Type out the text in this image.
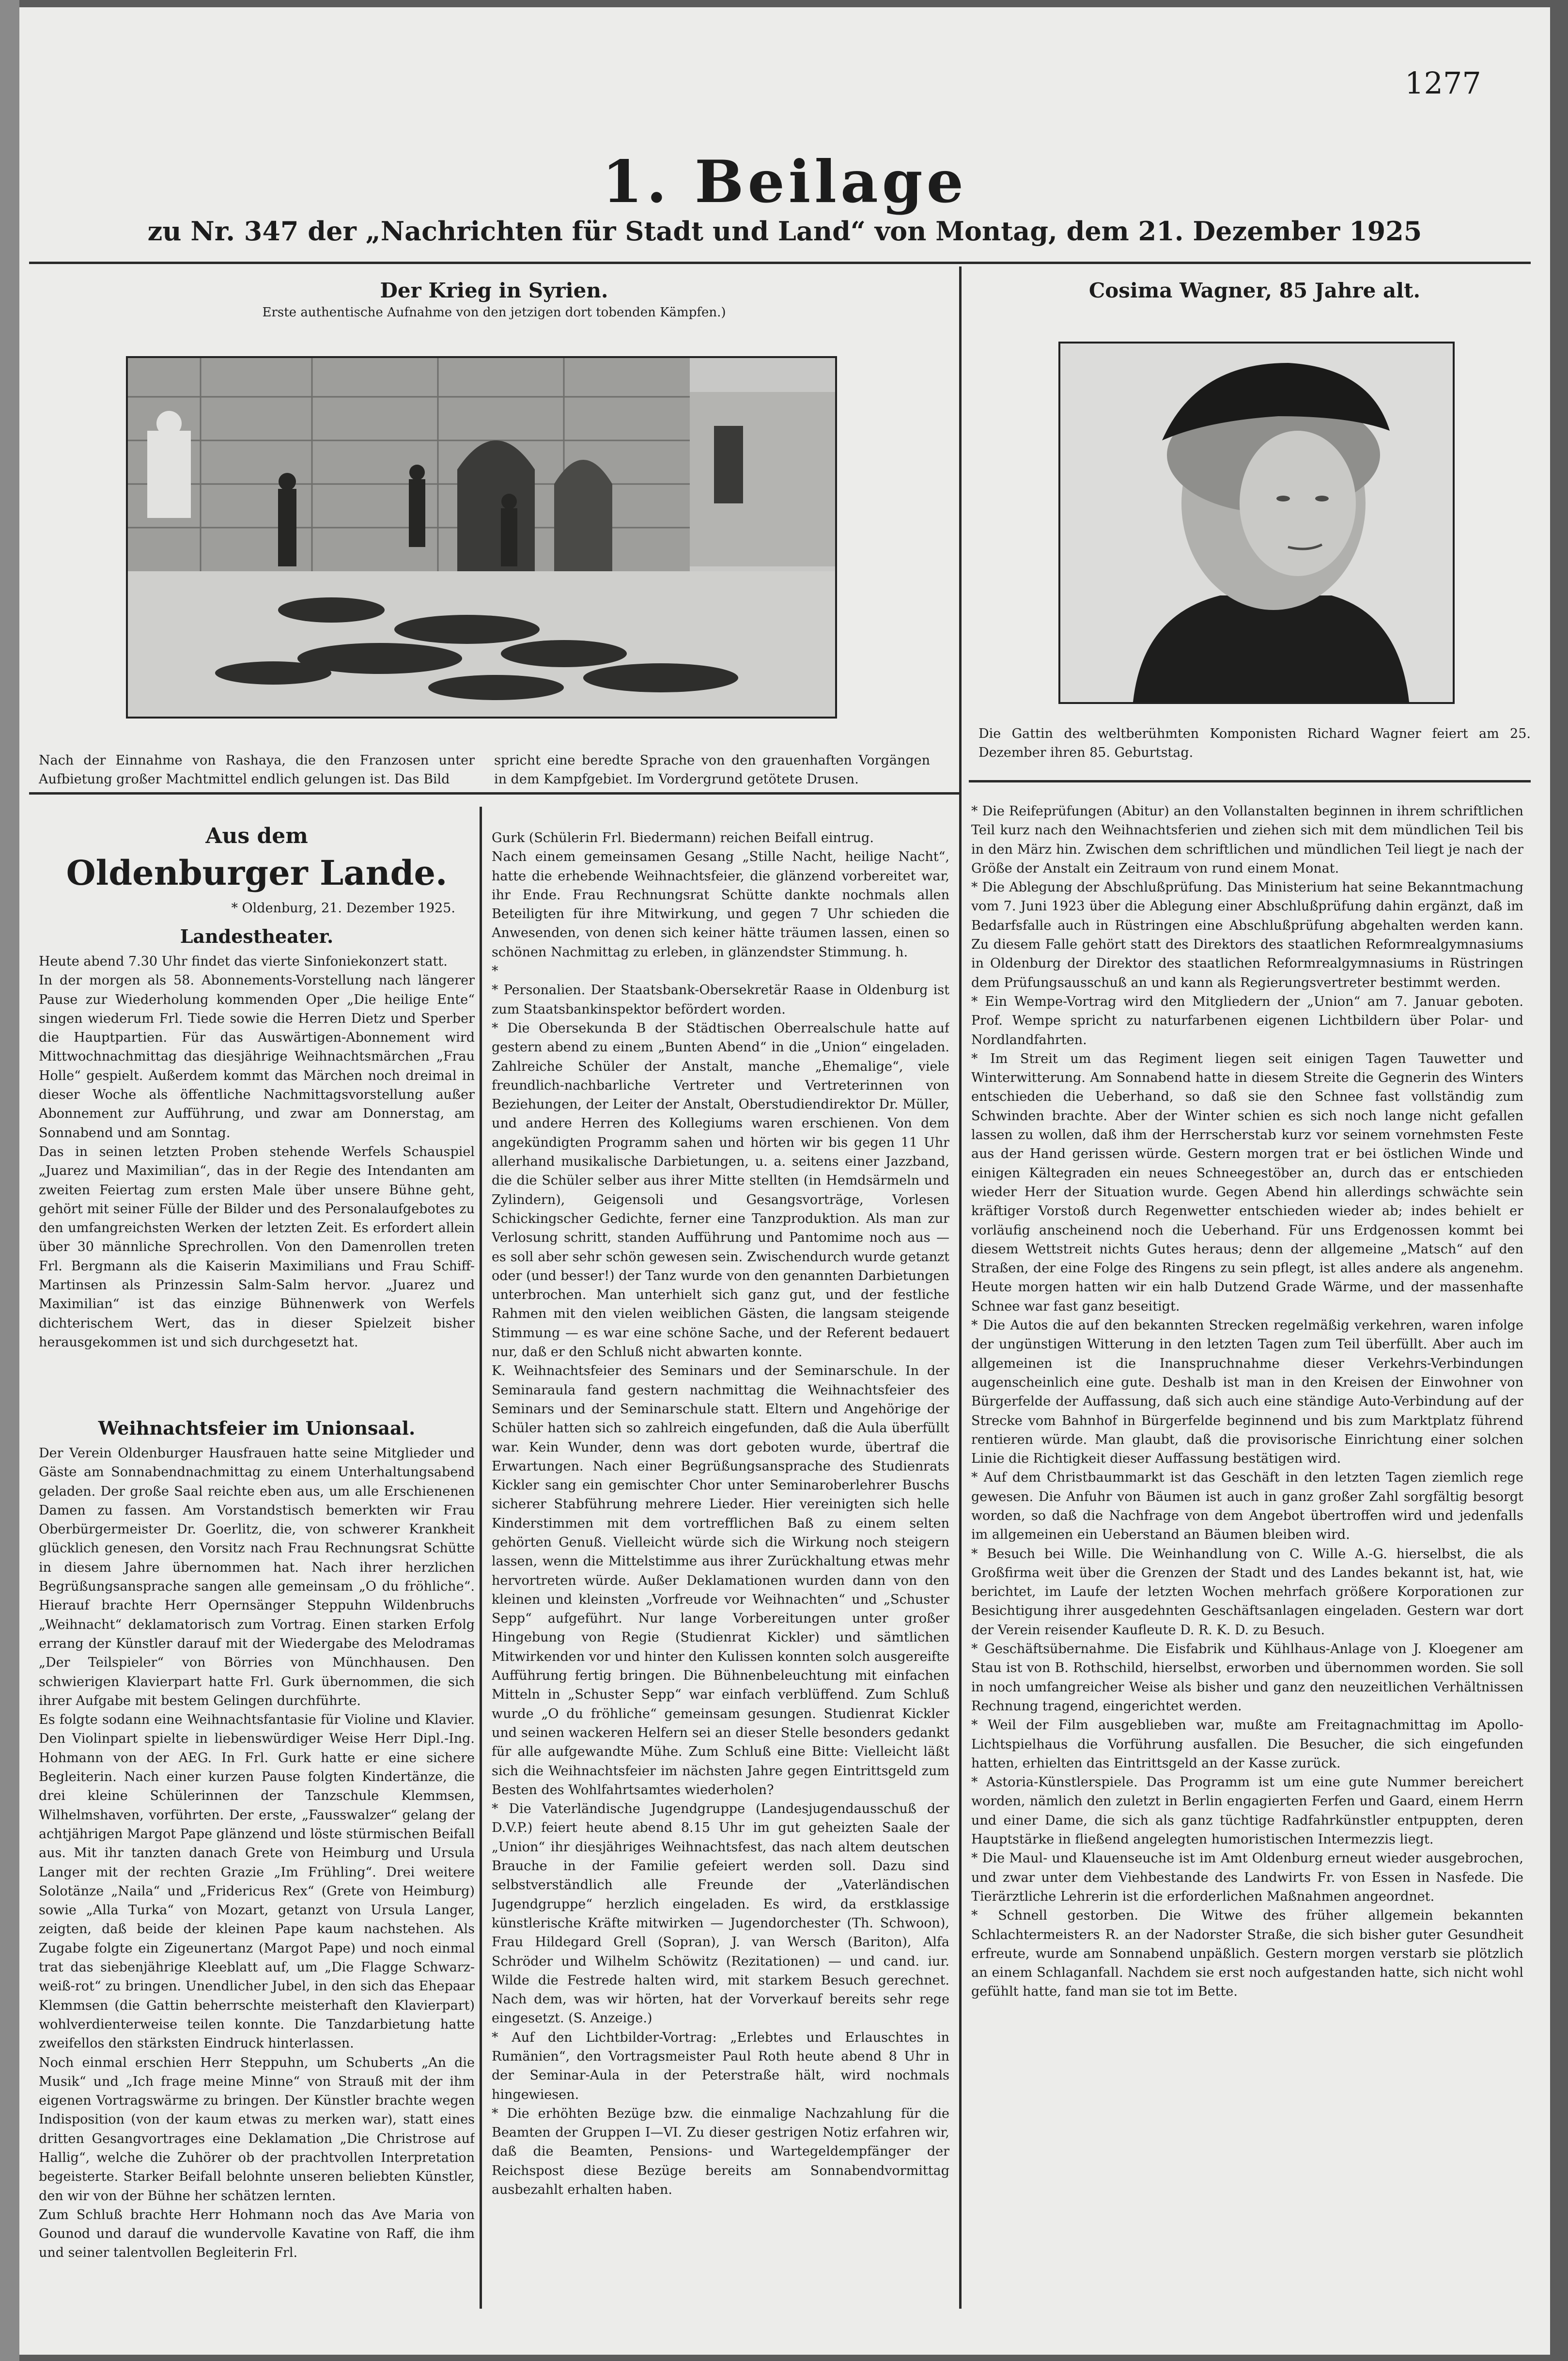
1277
1. Beilage
zu Nr. 347 der „Nachrichten für Stadt und Land“ von Montag, dem 21. Dezember 1925
Der Krieg in Syrien.
Erste authentische Aufnahme von den jetzigen dort tobenden Kämpfen.)
Nach der Einnahme von Rashaya, die den Franzosen unter Aufbietung großer Machtmittel endlich gelungen ist. Das Bild
spricht eine beredte Sprache von den grauenhaften Vorgängen in dem Kampfgebiet. Im Vordergrund getötete Drusen.
Cosima Wagner, 85 Jahre alt.
Die Gattin des weltberühmten Komponisten Richard Wagner feiert am 25. Dezember ihren 85. Geburtstag.
Aus dem
Oldenburger Lande.
* Oldenburg, 21. Dezember 1925.
Landestheater.
Heute abend 7.30 Uhr findet das vierte Sinfoniekonzert statt.
In der morgen als 58. Abonnements-Vorstellung nach längerer Pause zur Wiederholung kommenden Oper „Die heilige Ente“ singen wiederum Frl. Tiede sowie die Herren Dietz und Sperber die Hauptpartien. Für das Auswärtigen-Abonnement wird Mittwochnachmittag das diesjährige Weihnachtsmärchen „Frau Holle“ gespielt. Außerdem kommt das Märchen noch dreimal in dieser Woche als öffentliche Nachmittagsvorstellung außer Abonnement zur Aufführung, und zwar am Donnerstag, am Sonnabend und am Sonntag.
Das in seinen letzten Proben stehende Werfels Schauspiel „Juarez und Maximilian“, das in der Regie des Intendanten am zweiten Feiertag zum ersten Male über unsere Bühne geht, gehört mit seiner Fülle der Bilder und des Personalaufgebotes zu den umfangreichsten Werken der letzten Zeit. Es erfordert allein über 30 männliche Sprechrollen. Von den Damenrollen treten Frl. Bergmann als die Kaiserin Maximilians und Frau Schiff-Martinsen als Prinzessin Salm-Salm hervor. „Juarez und Maximilian“ ist das einzige Bühnenwerk von Werfels dichterischem Wert, das in dieser Spielzeit bisher herausgekommen ist und sich durchgesetzt hat.
Weihnachtsfeier im Unionsaal.
Der Verein Oldenburger Hausfrauen hatte seine Mitglieder und Gäste am Sonnabendnachmittag zu einem Unterhaltungsabend geladen. Der große Saal reichte eben aus, um alle Erschienenen Damen zu fassen. Am Vorstandstisch bemerkten wir Frau Oberbürgermeister Dr. Goerlitz, die, von schwerer Krankheit glücklich genesen, den Vorsitz nach Frau Rechnungsrat Schütte in diesem Jahre übernommen hat. Nach ihrer herzlichen Begrüßungsansprache sangen alle gemeinsam „O du fröhliche“. Hierauf brachte Herr Opernsänger Steppuhn Wildenbruchs „Weihnacht“ deklamatorisch zum Vortrag. Einen starken Erfolg errang der Künstler darauf mit der Wiedergabe des Melodramas „Der Teilspieler“ von Börries von Münchhausen. Den schwierigen Klavierpart hatte Frl. Gurk übernommen, die sich ihrer Aufgabe mit bestem Gelingen durchführte.
Es folgte sodann eine Weihnachtsfantasie für Violine und Klavier. Den Violinpart spielte in liebenswürdiger Weise Herr Dipl.-Ing. Hohmann von der AEG. In Frl. Gurk hatte er eine sichere Begleiterin. Nach einer kurzen Pause folgten Kindertänze, die drei kleine Schülerinnen der Tanzschule Klemmsen, Wilhelmshaven, vorführten. Der erste, „Fausswalzer“ gelang der achtjährigen Margot Pape glänzend und löste stürmischen Beifall aus. Mit ihr tanzten danach Grete von Heimburg und Ursula Langer mit der rechten Grazie „Im Frühling“. Drei weitere Solotänze „Naila“ und „Fridericus Rex“ (Grete von Heimburg) sowie „Alla Turka“ von Mozart, getanzt von Ursula Langer, zeigten, daß beide der kleinen Pape kaum nachstehen. Als Zugabe folgte ein Zigeunertanz (Margot Pape) und noch einmal trat das siebenjährige Kleeblatt auf, um „Die Flagge Schwarz-weiß-rot“ zu bringen. Unendlicher Jubel, in den sich das Ehepaar Klemmsen (die Gattin beherrschte meisterhaft den Klavierpart) wohlverdienterweise teilen konnte. Die Tanzdarbietung hatte zweifellos den stärksten Eindruck hinterlassen.
Noch einmal erschien Herr Steppuhn, um Schuberts „An die Musik“ und „Ich frage meine Minne“ von Strauß mit der ihm eigenen Vortragswärme zu bringen. Der Künstler brachte wegen Indisposition (von der kaum etwas zu merken war), statt eines dritten Gesangvortrages eine Deklamation „Die Christrose auf Hallig“, welche die Zuhörer ob der prachtvollen Interpretation begeisterte. Starker Beifall belohnte unseren beliebten Künstler, den wir von der Bühne her schätzen lernten.
Zum Schluß brachte Herr Hohmann noch das Ave Maria von Gounod und darauf die wundervolle Kavatine von Raff, die ihm und seiner talentvollen Begleiterin Frl.
Gurk (Schülerin Frl. Biedermann) reichen Beifall eintrug.
Nach einem gemeinsamen Gesang „Stille Nacht, heilige Nacht“, hatte die erhebende Weihnachtsfeier, die glänzend vorbereitet war, ihr Ende. Frau Rechnungsrat Schütte dankte nochmals allen Beteiligten für ihre Mitwirkung, und gegen 7 Uhr schieden die Anwesenden, von denen sich keiner hätte träumen lassen, einen so schönen Nachmittag zu erleben, in glänzendster Stimmung. h.
*
* Personalien. Der Staatsbank-Obersekretär Raase in Oldenburg ist zum Staatsbankinspektor befördert worden.
* Die Obersekunda B der Städtischen Oberrealschule hatte auf gestern abend zu einem „Bunten Abend“ in die „Union“ eingeladen. Zahlreiche Schüler der Anstalt, manche „Ehemalige“, viele freundlich-nachbarliche Vertreter und Vertreterinnen von Beziehungen, der Leiter der Anstalt, Oberstudiendirektor Dr. Müller, und andere Herren des Kollegiums waren erschienen. Von dem angekündigten Programm sahen und hörten wir bis gegen 11 Uhr allerhand musikalische Darbietungen, u. a. seitens einer Jazzband, die die Schüler selber aus ihrer Mitte stellten (in Hemdsärmeln und Zylindern), Geigensoli und Gesangsvorträge, Vorlesen Schickingscher Gedichte, ferner eine Tanzproduktion. Als man zur Verlosung schritt, standen Aufführung und Pantomime noch aus — es soll aber sehr schön gewesen sein. Zwischendurch wurde getanzt oder (und besser!) der Tanz wurde von den genannten Darbietungen unterbrochen. Man unterhielt sich ganz gut, und der festliche Rahmen mit den vielen weiblichen Gästen, die langsam steigende Stimmung — es war eine schöne Sache, und der Referent bedauert nur, daß er den Schluß nicht abwarten konnte.
K. Weihnachtsfeier des Seminars und der Seminarschule. In der Seminaraula fand gestern nachmittag die Weihnachtsfeier des Seminars und der Seminarschule statt. Eltern und Angehörige der Schüler hatten sich so zahlreich eingefunden, daß die Aula überfüllt war. Kein Wunder, denn was dort geboten wurde, übertraf die Erwartungen. Nach einer Begrüßungsansprache des Studienrats Kickler sang ein gemischter Chor unter Seminaroberlehrer Buschs sicherer Stabführung mehrere Lieder. Hier vereinigten sich helle Kinderstimmen mit dem vortrefflichen Baß zu einem selten gehörten Genuß. Vielleicht würde sich die Wirkung noch steigern lassen, wenn die Mittelstimme aus ihrer Zurückhaltung etwas mehr hervortreten würde. Außer Deklamationen wurden dann von den kleinen und kleinsten „Vorfreude vor Weihnachten“ und „Schuster Sepp“ aufgeführt. Nur lange Vorbereitungen unter großer Hingebung von Regie (Studienrat Kickler) und sämtlichen Mitwirkenden vor und hinter den Kulissen konnten solch ausgereifte Aufführung fertig bringen. Die Bühnenbeleuchtung mit einfachen Mitteln in „Schuster Sepp“ war einfach verblüffend. Zum Schluß wurde „O du fröhliche“ gemeinsam gesungen. Studienrat Kickler und seinen wackeren Helfern sei an dieser Stelle besonders gedankt für alle aufgewandte Mühe. Zum Schluß eine Bitte: Vielleicht läßt sich die Weihnachtsfeier im nächsten Jahre gegen Eintrittsgeld zum Besten des Wohlfahrtsamtes wiederholen?
* Die Vaterländische Jugendgruppe (Landesjugendausschuß der D.V.P.) feiert heute abend 8.15 Uhr im gut geheizten Saale der „Union“ ihr diesjähriges Weihnachtsfest, das nach altem deutschen Brauche in der Familie gefeiert werden soll. Dazu sind selbstverständlich alle Freunde der „Vaterländischen Jugendgruppe“ herzlich eingeladen. Es wird, da erstklassige künstlerische Kräfte mitwirken — Jugendorchester (Th. Schwoon), Frau Hildegard Grell (Sopran), J. van Wersch (Bariton), Alfa Schröder und Wilhelm Schöwitz (Rezitationen) — und cand. iur. Wilde die Festrede halten wird, mit starkem Besuch gerechnet. Nach dem, was wir hörten, hat der Vorverkauf bereits sehr rege eingesetzt. (S. Anzeige.)
* Auf den Lichtbilder-Vortrag: „Erlebtes und Erlauschtes in Rumänien“, den Vortragsmeister Paul Roth heute abend 8 Uhr in der Seminar-Aula in der Peterstraße hält, wird nochmals hingewiesen.
* Die erhöhten Bezüge bzw. die einmalige Nachzahlung für die Beamten der Gruppen I—VI. Zu dieser gestrigen Notiz erfahren wir, daß die Beamten, Pensions- und Wartegeldempfänger der Reichspost diese Bezüge bereits am Sonnabendvormittag ausbezahlt erhalten haben.
* Die Reifeprüfungen (Abitur) an den Vollanstalten beginnen in ihrem schriftlichen Teil kurz nach den Weihnachtsferien und ziehen sich mit dem mündlichen Teil bis in den März hin. Zwischen dem schriftlichen und mündlichen Teil liegt je nach der Größe der Anstalt ein Zeitraum von rund einem Monat.
* Die Ablegung der Abschlußprüfung. Das Ministerium hat seine Bekanntmachung vom 7. Juni 1923 über die Ablegung einer Abschlußprüfung dahin ergänzt, daß im Bedarfsfalle auch in Rüstringen eine Abschlußprüfung abgehalten werden kann. Zu diesem Falle gehört statt des Direktors des staatlichen Reformrealgymnasiums in Oldenburg der Direktor des staatlichen Reformrealgymnasiums in Rüstringen dem Prüfungsausschuß an und kann als Regierungsvertreter bestimmt werden.
* Ein Wempe-Vortrag wird den Mitgliedern der „Union“ am 7. Januar geboten. Prof. Wempe spricht zu naturfarbenen eigenen Lichtbildern über Polar- und Nordlandfahrten.
* Im Streit um das Regiment liegen seit einigen Tagen Tauwetter und Winterwitterung. Am Sonnabend hatte in diesem Streite die Gegnerin des Winters entschieden die Ueberhand, so daß sie den Schnee fast vollständig zum Schwinden brachte. Aber der Winter schien es sich noch lange nicht gefallen lassen zu wollen, daß ihm der Herrscherstab kurz vor seinem vornehmsten Feste aus der Hand gerissen würde. Gestern morgen trat er bei östlichen Winde und einigen Kältegraden ein neues Schneegestöber an, durch das er entschieden wieder Herr der Situation wurde. Gegen Abend hin allerdings schwächte sein kräftiger Vorstoß durch Regenwetter entschieden wieder ab; indes behielt er vorläufig anscheinend noch die Ueberhand. Für uns Erdgenossen kommt bei diesem Wettstreit nichts Gutes heraus; denn der allgemeine „Matsch“ auf den Straßen, der eine Folge des Ringens zu sein pflegt, ist alles andere als angenehm. Heute morgen hatten wir ein halb Dutzend Grade Wärme, und der massenhafte Schnee war fast ganz beseitigt.
* Die Autos die auf den bekannten Strecken regelmäßig verkehren, waren infolge der ungünstigen Witterung in den letzten Tagen zum Teil überfüllt. Aber auch im allgemeinen ist die Inanspruchnahme dieser Verkehrs-Verbindungen augenscheinlich eine gute. Deshalb ist man in den Kreisen der Einwohner von Bürgerfelde der Auffassung, daß sich auch eine ständige Auto-Verbindung auf der Strecke vom Bahnhof in Bürgerfelde beginnend und bis zum Marktplatz führend rentieren würde. Man glaubt, daß die provisorische Einrichtung einer solchen Linie die Richtigkeit dieser Auffassung bestätigen wird.
* Auf dem Christbaummarkt ist das Geschäft in den letzten Tagen ziemlich rege gewesen. Die Anfuhr von Bäumen ist auch in ganz großer Zahl sorgfältig besorgt worden, so daß die Nachfrage von dem Angebot übertroffen wird und jedenfalls im allgemeinen ein Ueberstand an Bäumen bleiben wird.
* Besuch bei Wille. Die Weinhandlung von C. Wille A.-G. hierselbst, die als Großfirma weit über die Grenzen der Stadt und des Landes bekannt ist, hat, wie berichtet, im Laufe der letzten Wochen mehrfach größere Korporationen zur Besichtigung ihrer ausgedehnten Geschäftsanlagen eingeladen. Gestern war dort der Verein reisender Kaufleute D. R. K. D. zu Besuch.
* Geschäftsübernahme. Die Eisfabrik und Kühlhaus-Anlage von J. Kloegener am Stau ist von B. Rothschild, hierselbst, erworben und übernommen worden. Sie soll in noch umfangreicher Weise als bisher und ganz den neuzeitlichen Verhältnissen Rechnung tragend, eingerichtet werden.
* Weil der Film ausgeblieben war, mußte am Freitagnachmittag im Apollo-Lichtspielhaus die Vorführung ausfallen. Die Besucher, die sich eingefunden hatten, erhielten das Eintrittsgeld an der Kasse zurück.
* Astoria-Künstlerspiele. Das Programm ist um eine gute Nummer bereichert worden, nämlich den zuletzt in Berlin engagierten Ferfen und Gaard, einem Herrn und einer Dame, die sich als ganz tüchtige Radfahrkünstler entpuppten, deren Hauptstärke in fließend angelegten humoristischen Intermezzis liegt.
* Die Maul- und Klauenseuche ist im Amt Oldenburg erneut wieder ausgebrochen, und zwar unter dem Viehbestande des Landwirts Fr. von Essen in Nasfede. Die Tierärztliche Lehrerin ist die erforderlichen Maßnahmen angeordnet.
* Schnell gestorben. Die Witwe des früher allgemein bekannten Schlachtermeisters R. an der Nadorster Straße, die sich bisher guter Gesundheit erfreute, wurde am Sonnabend unpäßlich. Gestern morgen verstarb sie plötzlich an einem Schlaganfall. Nachdem sie erst noch aufgestanden hatte, sich nicht wohl gefühlt hatte, fand man sie tot im Bette.
